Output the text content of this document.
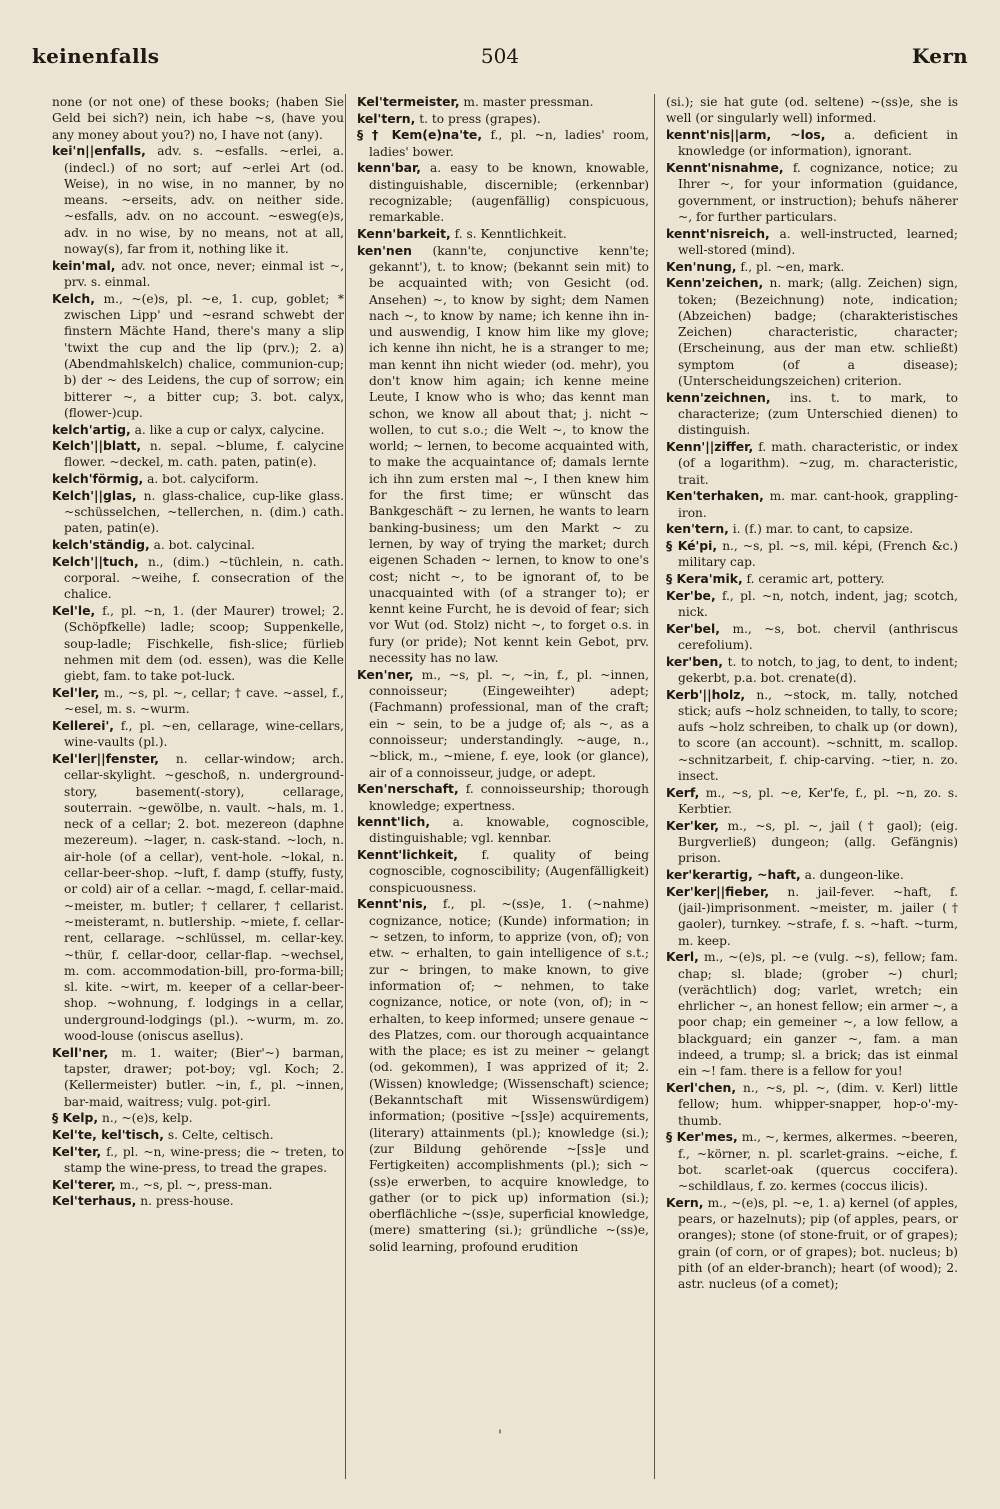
keinenfalls	504	Kern

none (or not one) of these books; (haben Sie Geld bei sich?) nein, ich habe ~s, (have you any money about you?) no, I have not (any).

kei'n||enfalls, adv. s. ~esfalls. ~erlei, a. (indecl.) of no sort; auf ~erlei Art (od. Weise), in no wise, in no manner, by no means. ~erseits, adv. on neither side. ~esfalls, adv. on no account. ~esweg(e)s, adv. in no wise, by no means, not at all, noway(s), far from it, nothing like it.

kein'mal, adv. not once, never; einmal ist ~, prv. s. einmal.

Kelch, m., ~(e)s, pl. ~e, 1. cup, goblet; * zwischen Lipp' und ~esrand schwebt der finstern Mächte Hand, there's many a slip 'twixt the cup and the lip (prv.); 2. a) (Abendmahlskelch) chalice, communion-cup; b) der ~ des Leidens, the cup of sorrow; ein bitterer ~, a bitter cup; 3. bot. calyx, (flower-)cup.

kelch'artig, a. like a cup or calyx, calycine.

Kelch'||blatt, n. sepal. ~blume, f. calycine flower. ~deckel, m. cath. paten, patin(e).

kelch'förmig, a. bot. calyciform.

Kelch'||glas, n. glass-chalice, cup-like glass. ~schüsselchen, ~tellerchen, n. (dim.) cath. paten, patin(e).

kelch'ständig, a. bot. calycinal.

Kelch'||tuch, n., (dim.) ~tüchlein, n. cath. corporal. ~weihe, f. consecration of the chalice.

Kel'le, f., pl. ~n, 1. (der Maurer) trowel; 2. (Schöpfkelle) ladle; scoop; Suppenkelle, soup-ladle; Fischkelle, fish-slice; fürlieb nehmen mit dem (od. essen), was die Kelle giebt, fam. to take pot-luck.

Kel'ler, m., ~s, pl. ~, cellar; † cave. ~assel, f., ~esel, m. s. ~wurm.

Kellerei', f., pl. ~en, cellarage, wine-cellars, wine-vaults (pl.).

Kel'ler||fenster, n. cellar-window; arch. cellar-skylight. ~geschoß, n. underground-story, basement(-story), cellarage, souterrain. ~gewölbe, n. vault. ~hals, m. 1. neck of a cellar; 2. bot. mezereon (daphne mezereum). ~lager, n. cask-stand. ~loch, n. air-hole (of a cellar), vent-hole. ~lokal, n. cellar-beer-shop. ~luft, f. damp (stuffy, fusty, or cold) air of a cellar. ~magd, f. cellar-maid. ~meister, m. butler; † cellarer, † cellarist. ~meisteramt, n. butlership. ~miete, f. cellar-rent, cellarage. ~schlüssel, m. cellar-key. ~thür, f. cellar-door, cellar-flap. ~wechsel, m. com. accommodation-bill, pro-forma-bill; sl. kite. ~wirt, m. keeper of a cellar-beer-shop. ~wohnung, f. lodgings in a cellar, underground-lodgings (pl.). ~wurm, m. zo. wood-louse (oniscus asellus).

Kell'ner, m. 1. waiter; (Bier'~) barman, tapster, drawer; pot-boy; vgl. Koch; 2. (Kellermeister) butler. ~in, f., pl. ~innen, bar-maid, waitress; vulg. pot-girl.

§ Kelp, n., ~(e)s, kelp.

Kel'te, kel'tisch, s. Celte, celtisch.

Kel'ter, f., pl. ~n, wine-press; die ~ treten, to stamp the wine-press, to tread the grapes.

Kel'terer, m., ~s, pl. ~, press-man.

Kel'terhaus, n. press-house.

Kel'termeister, m. master pressman.

kel'tern, t. to press (grapes).

§ † Kem(e)na'te, f., pl. ~n, ladies' room, ladies' bower.

kenn'bar, a. easy to be known, knowable, distinguishable, discernible; (erkennbar) recognizable; (augenfällig) conspicuous, remarkable.

Kenn'barkeit, f. s. Kenntlichkeit.

ken'nen (kann'te, conjunctive kenn'te; gekannt'), t. to know; (bekannt sein mit) to be acquainted with; von Gesicht (od. Ansehen) ~, to know by sight; dem Namen nach ~, to know by name; ich kenne ihn in- und auswendig, I know him like my glove; ich kenne ihn nicht, he is a stranger to me; man kennt ihn nicht wieder (od. mehr), you don't know him again; ich kenne meine Leute, I know who is who; das kennt man schon, we know all about that; j. nicht ~ wollen, to cut s.o.; die Welt ~, to know the world; ~ lernen, to become acquainted with, to make the acquaintance of; damals lernte ich ihn zum ersten mal ~, I then knew him for the first time; er wünscht das Bankgeschäft ~ zu lernen, he wants to learn banking-business; um den Markt ~ zu lernen, by way of trying the market; durch eigenen Schaden ~ lernen, to know to one's cost; nicht ~, to be ignorant of, to be unacquainted with (of a stranger to); er kennt keine Furcht, he is devoid of fear; sich vor Wut (od. Stolz) nicht ~, to forget o.s. in fury (or pride); Not kennt kein Gebot, prv. necessity has no law.

Ken'ner, m., ~s, pl. ~, ~in, f., pl. ~innen, connoisseur; (Eingeweihter) adept; (Fachmann) professional, man of the craft; ein ~ sein, to be a judge of; als ~, as a connoisseur; understandingly. ~auge, n., ~blick, m., ~miene, f. eye, look (or glance), air of a connoisseur, judge, or adept.

Ken'nerschaft, f. connoisseurship; thorough knowledge; expertness.

kennt'lich, a. knowable, cognoscible, distinguishable; vgl. kennbar.

Kennt'lichkeit, f. quality of being cognoscible, cognoscibility; (Augenfälligkeit) conspicuousness.

Kennt'nis, f., pl. ~(ss)e, 1. (~nahme) cognizance, notice; (Kunde) information; in ~ setzen, to inform, to apprize (von, of); von etw. ~ erhalten, to gain intelligence of s.t.; zur ~ bringen, to make known, to give information of; ~ nehmen, to take cognizance, notice, or note (von, of); in ~ erhalten, to keep informed; unsere genaue ~ des Platzes, com. our thorough acquaintance with the place; es ist zu meiner ~ gelangt (od. gekommen), I was apprized of it; 2. (Wissen) knowledge; (Wissenschaft) science; (Bekanntschaft mit Wissenswürdigem) information; (positive ~[ss]e) acquirements, (literary) attainments (pl.); knowledge (si.); (zur Bildung gehörende ~[ss]e und Fertigkeiten) accomplishments (pl.); sich ~(ss)e erwerben, to acquire knowledge, to gather (or to pick up) information (si.); oberflächliche ~(ss)e, superficial knowledge, (mere) smattering (si.); gründliche ~(ss)e, solid learning, profound erudition

(si.); sie hat gute (od. seltene) ~(ss)e, she is well (or singularly well) informed.

kennt'nis||arm, ~los, a. deficient in knowledge (or information), ignorant.

Kennt'nisnahme, f. cognizance, notice; zu Ihrer ~, for your information (guidance, government, or instruction); behufs näherer ~, for further particulars.

kennt'nisreich, a. well-instructed, learned; well-stored (mind).

Ken'nung, f., pl. ~en, mark.

Kenn'zeichen, n. mark; (allg. Zeichen) sign, token; (Bezeichnung) note, indication; (Abzeichen) badge; (charakteristisches Zeichen) characteristic, character; (Erscheinung, aus der man etw. schließt) symptom (of a disease); (Unterscheidungszeichen) criterion.

kenn'zeichnen, ins. t. to mark, to characterize; (zum Unterschied dienen) to distinguish.

Kenn'||ziffer, f. math. characteristic, or index (of a logarithm). ~zug, m. characteristic, trait.

Ken'terhaken, m. mar. cant-hook, grappling-iron.

ken'tern, i. (f.) mar. to cant, to capsize.

§ Ké'pi, n., ~s, pl. ~s, mil. képi, (French &c.) military cap.

§ Kera'mik, f. ceramic art, pottery.

Ker'be, f., pl. ~n, notch, indent, jag; scotch, nick.

Ker'bel, m., ~s, bot. chervil (anthriscus cerefolium).

ker'ben, t. to notch, to jag, to dent, to indent; gekerbt, p.a. bot. crenate(d).

Kerb'||holz, n., ~stock, m. tally, notched stick; aufs ~holz schneiden, to tally, to score; aufs ~holz schreiben, to chalk up (or down), to score (an account). ~schnitt, m. scallop. ~schnitzarbeit, f. chip-carving. ~tier, n. zo. insect.

Kerf, m., ~s, pl. ~e, Ker'fe, f., pl. ~n, zo. s. Kerbtier.

Ker'ker, m., ~s, pl. ~, jail († gaol); (eig. Burgverließ) dungeon; (allg. Gefängnis) prison.

ker'kerartig, ~haft, a. dungeon-like.

Ker'ker||fieber, n. jail-fever. ~haft, f. (jail-)imprisonment. ~meister, m. jailer († gaoler), turnkey. ~strafe, f. s. ~haft. ~turm, m. keep.

Kerl, m., ~(e)s, pl. ~e (vulg. ~s), fellow; fam. chap; sl. blade; (grober ~) churl; (verächtlich) dog; varlet, wretch; ein ehrlicher ~, an honest fellow; ein armer ~, a poor chap; ein gemeiner ~, a low fellow, a blackguard; ein ganzer ~, fam. a man indeed, a trump; sl. a brick; das ist einmal ein ~! fam. there is a fellow for you!

Kerl'chen, n., ~s, pl. ~, (dim. v. Kerl) little fellow; hum. whipper-snapper, hop-o'-my-thumb.

§ Ker'mes, m., ~, kermes, alkermes. ~beeren, f., ~körner, n. pl. scarlet-grains. ~eiche, f. bot. scarlet-oak (quercus coccifera). ~schildlaus, f. zo. kermes (coccus ilicis).

Kern, m., ~(e)s, pl. ~e, 1. a) kernel (of apples, pears, or hazelnuts); pip (of apples, pears, or oranges); stone (of stone-fruit, or of grapes); grain (of corn, or of grapes); bot. nucleus; b) pith (of an elder-branch); heart (of wood); 2. astr. nucleus (of a comet);

'
